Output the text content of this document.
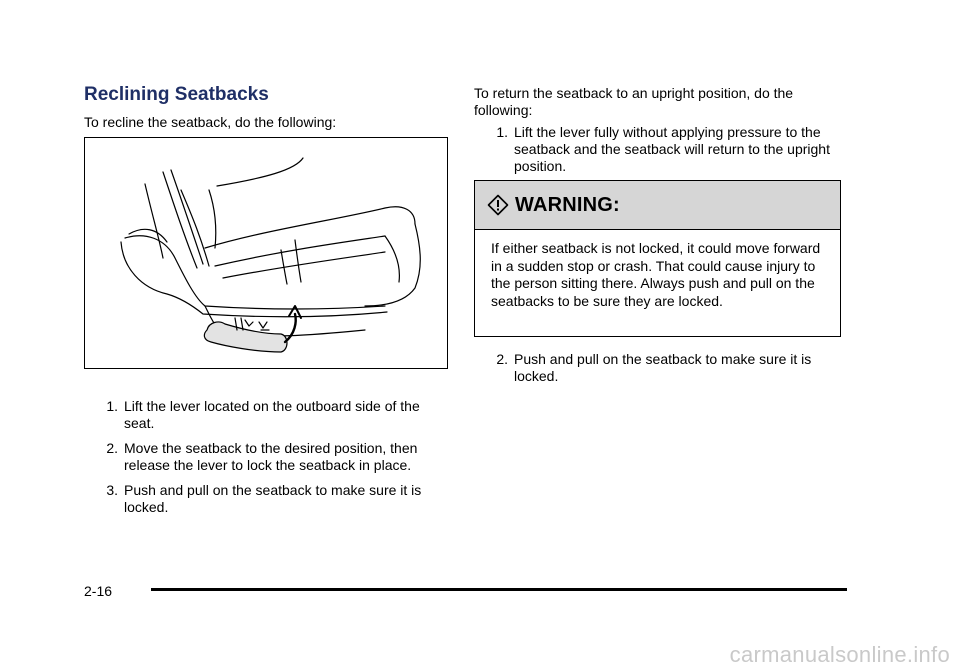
Reclining Seatbacks

To recline the seatback, do the following:

1. Lift the lever located on the outboard side of the seat.
2. Move the seatback to the desired position, then release the lever to lock the seatback in place.
3. Push and pull on the seatback to make sure it is locked.

To return the seatback to an upright position, do the following:

1. Lift the lever fully without applying pressure to the seatback and the seatback will return to the upright position.
WARNING:
If either seatback is not locked, it could move forward in a sudden stop or crash. That could cause injury to the person sitting there. Always push and pull on the seatbacks to be sure they are locked.
2. Push and pull on the seatback to make sure it is locked.
2-16
carmanualsonline.info
